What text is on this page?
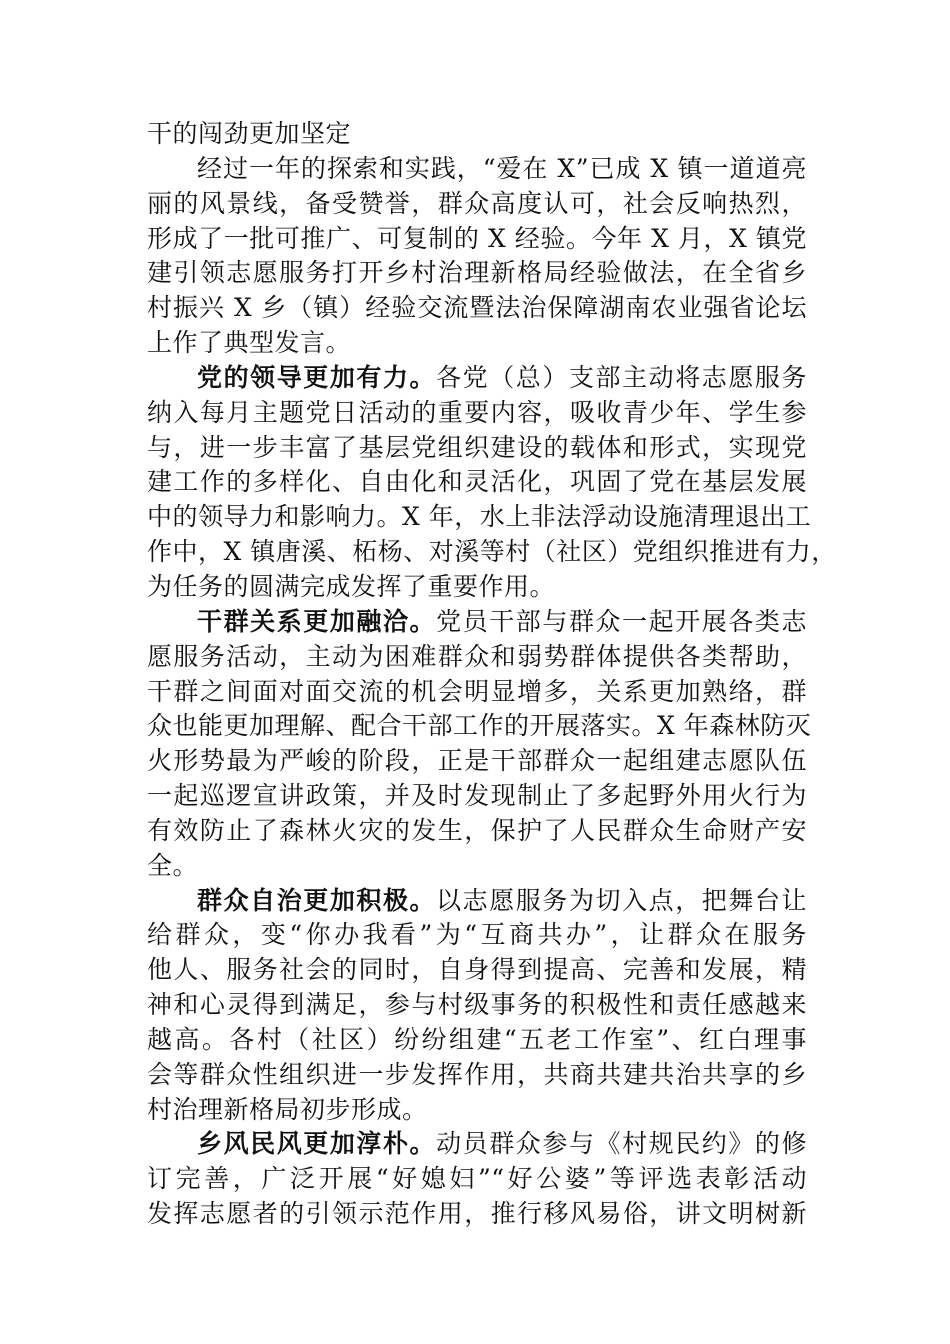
干的闯劲更加坚定
经过一年的探索和实践，“爱在 X”已成 X 镇一道道亮
丽的风景线，备受赞誉，群众高度认可，社会反响热烈，
形成了一批可推广、可复制的 X 经验。今年 X 月，X 镇党
建引领志愿服务打开乡村治理新格局经验做法，在全省乡
村振兴 X 乡（镇）经验交流暨法治保障湖南农业强省论坛
上作了典型发言。
党的领导更加有力。各党（总）支部主动将志愿服务
纳入每月主题党日活动的重要内容，吸收青少年、学生参
与，进一步丰富了基层党组织建设的载体和形式，实现党
建工作的多样化、自由化和灵活化，巩固了党在基层发展
中的领导力和影响力。X 年，水上非法浮动设施清理退出工
作中，X 镇唐溪、柘杨、对溪等村（社区）党组织推进有力，
为任务的圆满完成发挥了重要作用。
干群关系更加融洽。党员干部与群众一起开展各类志
愿服务活动，主动为困难群众和弱势群体提供各类帮助，
干群之间面对面交流的机会明显增多，关系更加熟络，群
众也能更加理解、配合干部工作的开展落实。X 年森林防灭
火形势最为严峻的阶段，正是干部群众一起组建志愿队伍
一起巡逻宣讲政策，并及时发现制止了多起野外用火行为
有效防止了森林火灾的发生，保护了人民群众生命财产安
全。
群众自治更加积极。以志愿服务为切入点，把舞台让
给群众，变“你办我看”为“互商共办”，让群众在服务
他人、服务社会的同时，自身得到提高、完善和发展，精
神和心灵得到满足，参与村级事务的积极性和责任感越来
越高。各村（社区）纷纷组建“五老工作室”、红白理事
会等群众性组织进一步发挥作用，共商共建共治共享的乡
村治理新格局初步形成。
乡风民风更加淳朴。动员群众参与《村规民约》的修
订完善，广泛开展“好媳妇”“好公婆”等评选表彰活动
发挥志愿者的引领示范作用，推行移风易俗，讲文明树新
